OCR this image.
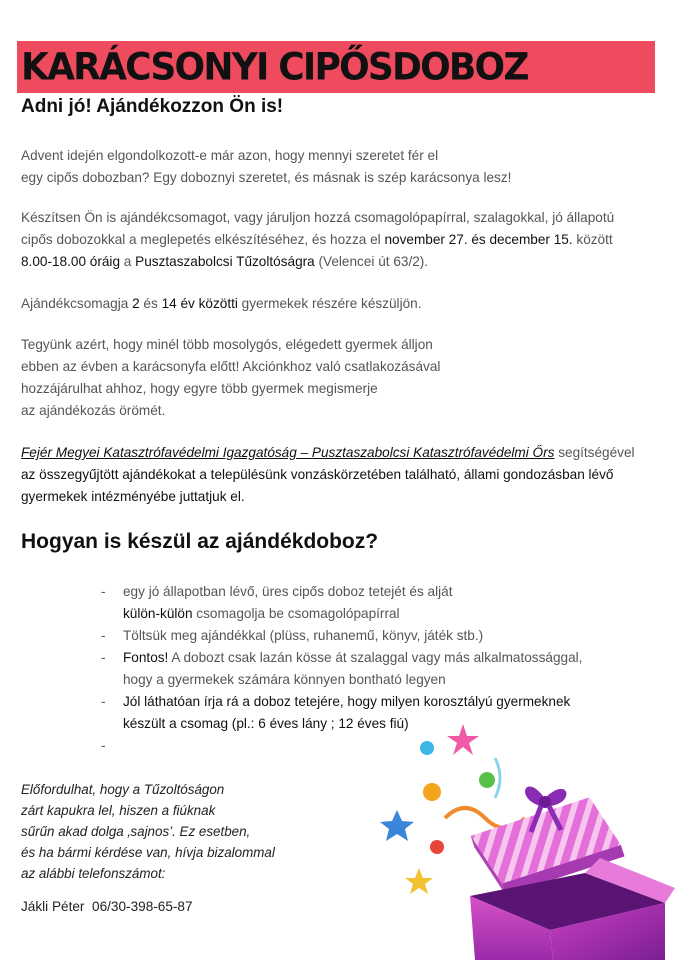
KARÁCSONYI CIPŐSDOBOZ
Adni jó! Ajándékozzon Ön is!
Advent idején elgondolkozott-e már azon, hogy mennyi szeretet fér el
egy cipős dobozban? Egy doboznyi szeretet, és másnak is szép karácsonya lesz!
Készítsen Ön is ajándékcsomagot, vagy járuljon hozzá csomagolópapírral, szalagokkal, jó állapotú
cipős dobozokkal a meglepetés elkészítéséhez, és hozza el november 27. és december 15. között
8.00-18.00 óráig a Pusztaszabolcsi Tűzoltóságra (Velencei út 63/2).
Ajándékcsomagja 2 és 14 év közötti gyermekek részére készüljön.
Tegyünk azért, hogy minél több mosolygós, elégedett gyermek álljon
ebben az évben a karácsonyfa előtt! Akciónkhoz való csatlakozásával
hozzájárulhat ahhoz, hogy egyre több gyermek megismerje
az ajándékozás örömét.
Fejér Megyei Katasztrófavédelmi Igazgatóság – Pusztaszabolcsi Katasztrófavédelmi Őrs segítségével
az összegyűjtött ajándékokat a településünk vonzáskörzetében található, állami gondozásban lévő
gyermekek intézményébe juttatjuk el.
Hogyan is készül az ajándékdoboz?
- egy jó állapotban lévő, üres cipős doboz tetejét és alját
külön-külön csomagolja be csomagolópapírral
- Töltsük meg ajándékkal (plüss, ruhanemű, könyv, játék stb.)
- Fontos! A dobozt csak lazán kösse át szalaggal vagy más alkalmatossággal,
hogy a gyermekek számára könnyen bontható legyen
- Jól láthatóan írja rá a doboz tetejére, hogy milyen korosztályú gyermeknek
készült a csomag (pl.: 6 éves lány ; 12 éves fiú)
-

Előfordulhat, hogy a Tűzoltóságon
zárt kapukra lel, hiszen a fiúknak
sűrűn akad dolga ‚sajnos’. Ez esetben,
és ha bármi kérdése van, hívja bizalommal
az alábbi telefonszámot:
Jákli Péter 06/30-398-65-87
